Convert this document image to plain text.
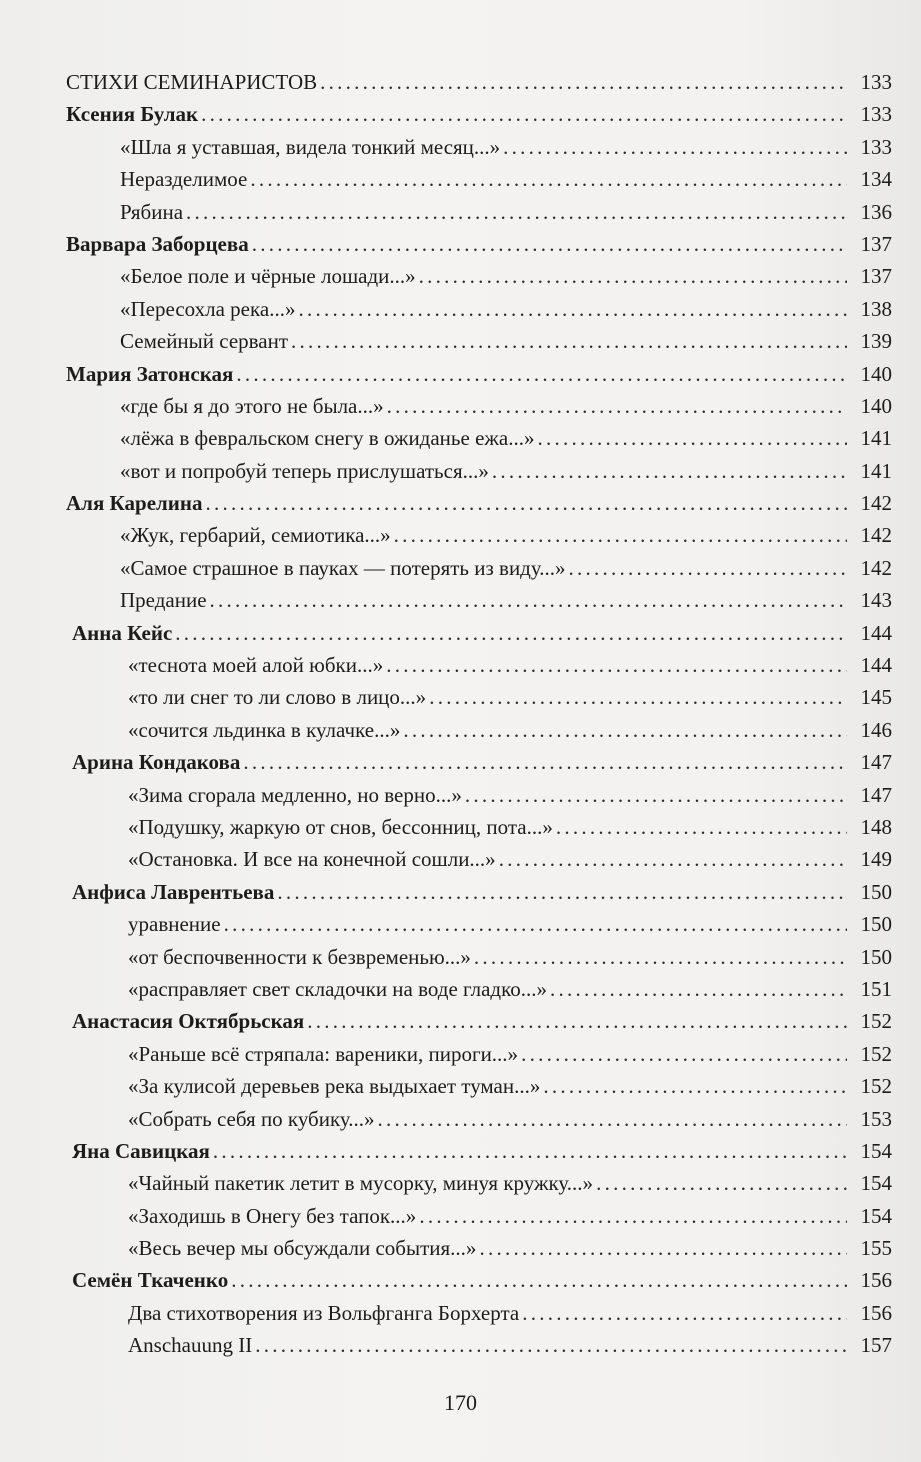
СТИХИ СЕМИНАРИСТОВ . . .	133
Ксения Булак . . .	133
«Шла я уставшая, видела тонкий месяц...» . . .	133
Неразделимое . . .	134
Рябина . . .	136
Варвара Заборцева . . .	137
«Белое поле и чёрные лошади...» . . .	137
«Пересохла река...» . . .	138
Семейный сервант . . .	139
Мария Затонская . . .	140
«где бы я до этого не была...» . . .	140
«лёжа в февральском снегу в ожиданье ежа...» . . .	141
«вот и попробуй теперь прислушаться...» . . .	141
Аля Карелина . . .	142
«Жук, гербарий, семиотика...» . . .	142
«Самое страшное в пауках — потерять из виду...» . . .	142
Предание . . .	143
Анна Кейс . . .	144
«теснота моей алой юбки...» . . .	144
«то ли снег то ли слово в лицо...» . . .	145
«сочится льдинка в кулачке...» . . .	146
Арина Кондакова . . .	147
«Зима сгорала медленно, но верно...» . . .	147
«Подушку, жаркую от снов, бессонниц, пота...» . . .	148
«Остановка. И все на конечной сошли...» . . .	149
Анфиса Лаврентьева . . .	150
уравнение . . .	150
«от беспочвенности к безвременью...» . . .	150
«расправляет свет складочки на воде гладко...» . . .	151
Анастасия Октябрьская . . .	152
«Раньше всё стряпала: вареники, пироги...» . . .	152
«За кулисой деревьев река выдыхает туман...» . . .	152
«Собрать себя по кубику...» . . .	153
Яна Савицкая . . .	154
«Чайный пакетик летит в мусорку, минуя кружку...» . . .	154
«Заходишь в Онегу без тапок...» . . .	154
«Весь вечер мы обсуждали события...» . . .	155
Семён Ткаченко . . .	156
Два стихотворения из Вольфганга Борхерта . . .	156
Anschauung II . . .	157
170
